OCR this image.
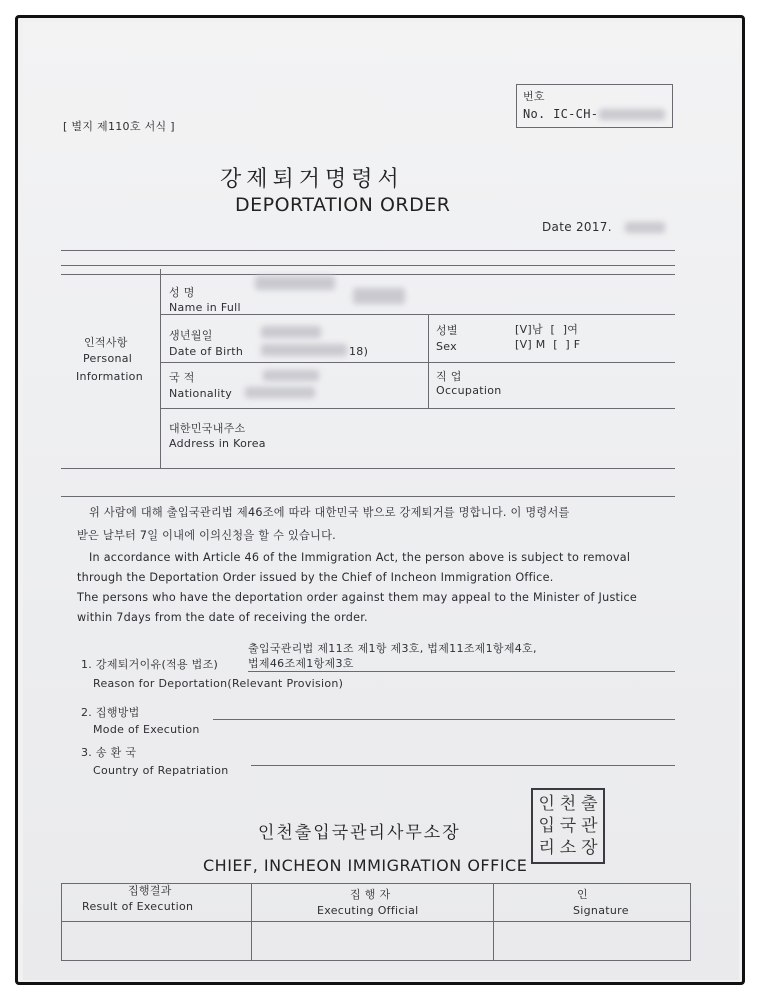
[ 별지 제110호 서식 ]
번호
No. IC-CH-
강제퇴거명령서
DEPORTATION ORDER
Date 2017.
인적사항
Personal
Information
성 명
Name in Full
생년월일
Date of Birth	18)
성별
Sex
[V]남  [  ]여
[V] M  [  ] F
국 적
Nationality
직 업
Occupation
대한민국내주소
Address in Korea
위 사람에 대해 출입국관리법 제46조에 따라 대한민국 밖으로 강제퇴거를 명합니다. 이 명령서를
받은 날부터 7일 이내에 이의신청을 할 수 있습니다.
In accordance with Article 46 of the Immigration Act, the person above is subject to removal
through the Deportation Order issued by the Chief of Incheon Immigration Office.
The persons who have the deportation order against them may appeal to the Minister of Justice
within 7days from the date of receiving the order.
출입국관리법 제11조 제1항 제3호, 법제11조제1항제4호,
1. 강제퇴거이유(적용 법조)	법제46조제1항제3호
Reason for Deportation(Relevant Provision)
2. 집행방법
Mode of Execution
3. 송 환 국
Country of Repatriation
인천출입국관리사무소장
CHIEF, INCHEON IMMIGRATION OFFICE
인 천 출
입 국 관
리 소 장
집행결과
Result of Execution
집 행 자
Executing Official
인
Signature
